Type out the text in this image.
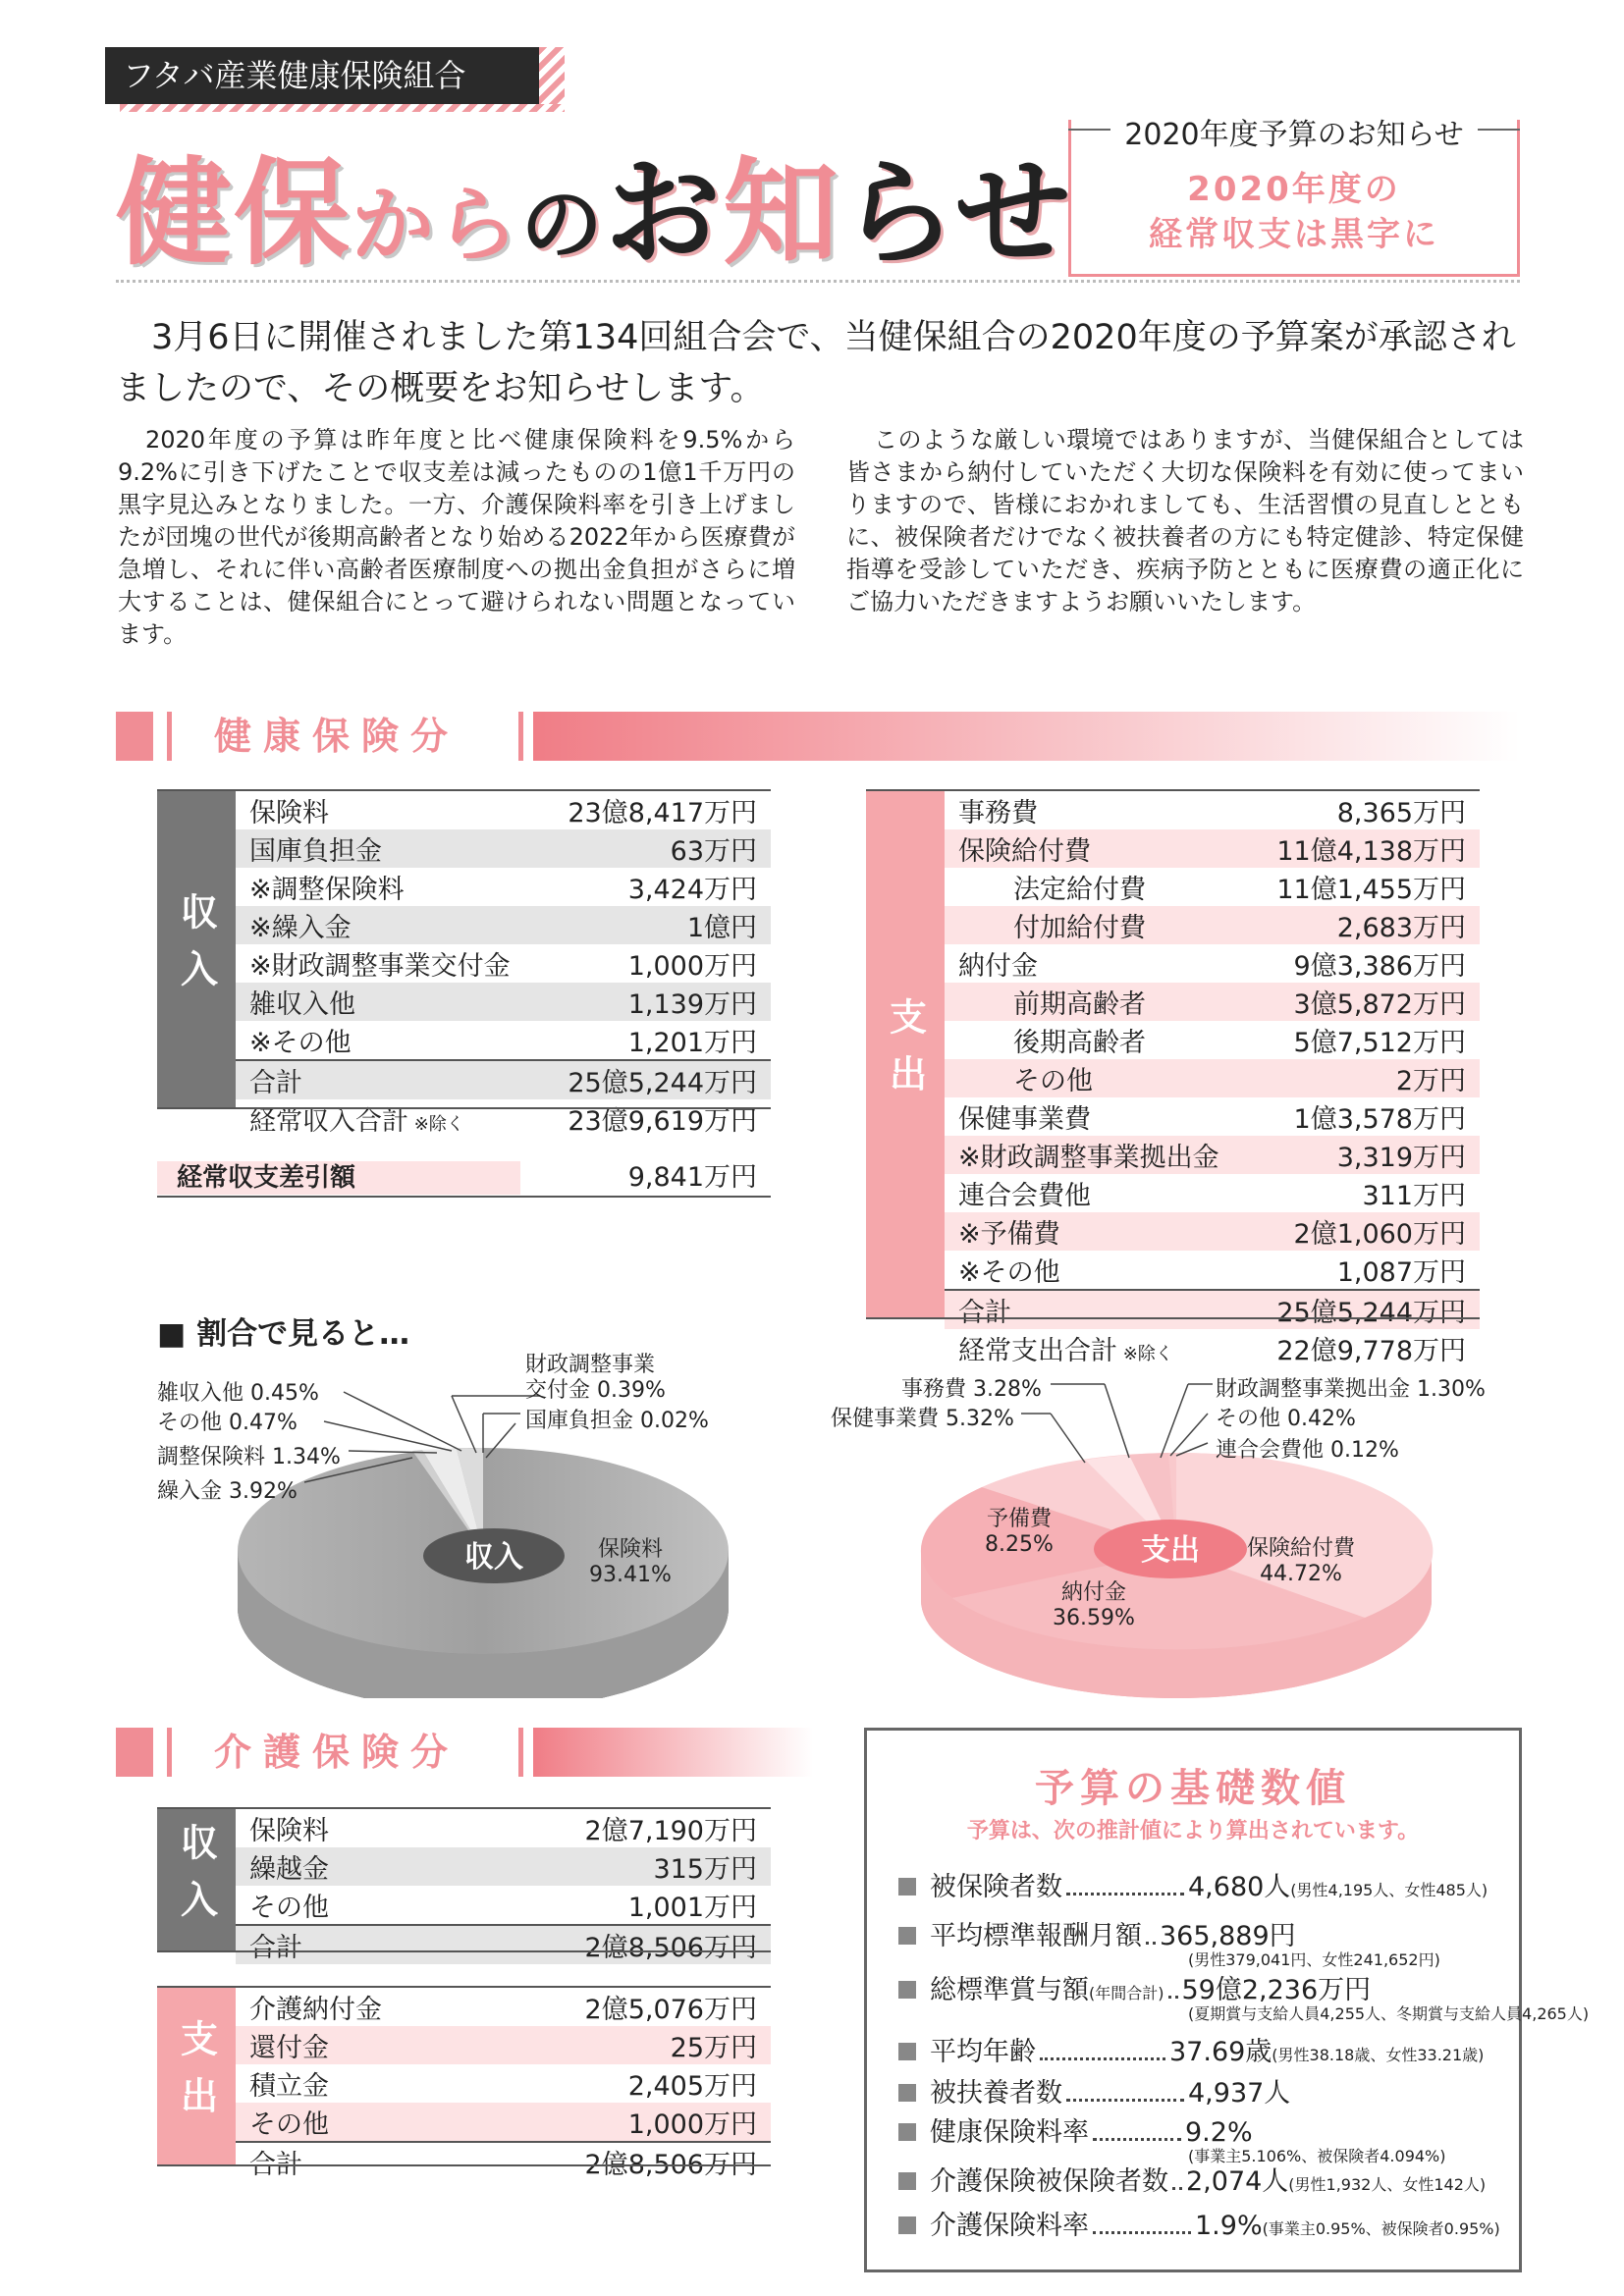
フタバ産業健康保険組合
健保からのお知らせ
2020年度予算のお知らせ
2020年度の
経常収支は黒字に
3月6日に開催されました第134回組合会で、当健保組合の2020年度の予算案が承認されましたので、その概要をお知らせします。
2020年度の予算は昨年度と比べ健康保険料を9.5%から9.2%に引き下げたことで収支差は減ったものの1億1千万円の黒字見込みとなりました。一方、介護保険料率を引き上げましたが団塊の世代が後期高齢者となり始める2022年から医療費が急増し、それに伴い高齢者医療制度への拠出金負担がさらに増大することは、健保組合にとって避けられない問題となっています。
このような厳しい環境ではありますが、当健保組合としては皆さまから納付していただく大切な保険料を有効に使ってまいりますので、皆様におかれましても、生活習慣の見直しとともに、被保険者だけでなく被扶養者の方にも特定健診、特定保健指導を受診していただき、疾病予防とともに医療費の適正化にご協力いただきますようお願いいたします。
健康保険分
収入
保険料	23億8,417万円
国庫負担金	63万円
※調整保険料	3,424万円
※繰入金	1億円
※財政調整事業交付金	1,000万円
雑収入他	1,139万円
※その他	1,201万円
合計	25億5,244万円
経常収入合計 ※除く	23億9,619万円
経常収支差引額	9,841万円
支出
事務費	8,365万円
保険給付費	11億4,138万円
法定給付費	11億1,455万円
付加給付費	2,683万円
納付金	9億3,386万円
前期高齢者	3億5,872万円
後期高齢者	5億7,512万円
その他	2万円
保健事業費	1億3,578万円
※財政調整事業拠出金	3,319万円
連合会費他	311万円
※予備費	2億1,060万円
※その他	1,087万円
合計	25億5,244万円
経常支出合計 ※除く	22億9,778万円
■ 割合で見ると…
収入
財政調整事業
交付金 0.39%
国庫負担金 0.02%
雑収入他 0.45%
その他 0.47%
調整保険料 1.34%
繰入金 3.92%
保険料
93.41%
支出
事務費 3.28%
保健事業費 5.32%
財政調整事業拠出金 1.30%
その他 0.42%
連合会費他 0.12%
予備費
8.25%	保険給付費
44.72%
納付金
36.59%
介護保険分
収入	保険料	2億7,190万円
繰越金	315万円
その他	1,001万円
合計	2億8,506万円
支出
介護納付金	2億5,076万円
還付金	25万円
積立金	2,405万円
その他	1,000万円
合計	2億8,506万円
予算の基礎数値
予算は、次の推計値により算出されています。
被保険者数	4,680人 (男性4,195人、女性485人)
平均標準報酬月額 365,889円
(男性379,041円、女性241,652円)
総標準賞与額 (年間合計) 59億2,236万円
(夏期賞与支給人員4,255人、冬期賞与支給人員4,265人)
平均年齢	37.69歳 (男性38.18歳、女性33.21歳)
被扶養者数	4,937人
健康保険料率	9.2%
(事業主5.106%、被保険者4.094%)
介護保険被保険者数 2,074人 (男性1,932人、女性142人)
介護保険料率	1.9% (事業主0.95%、被保険者0.95%)
